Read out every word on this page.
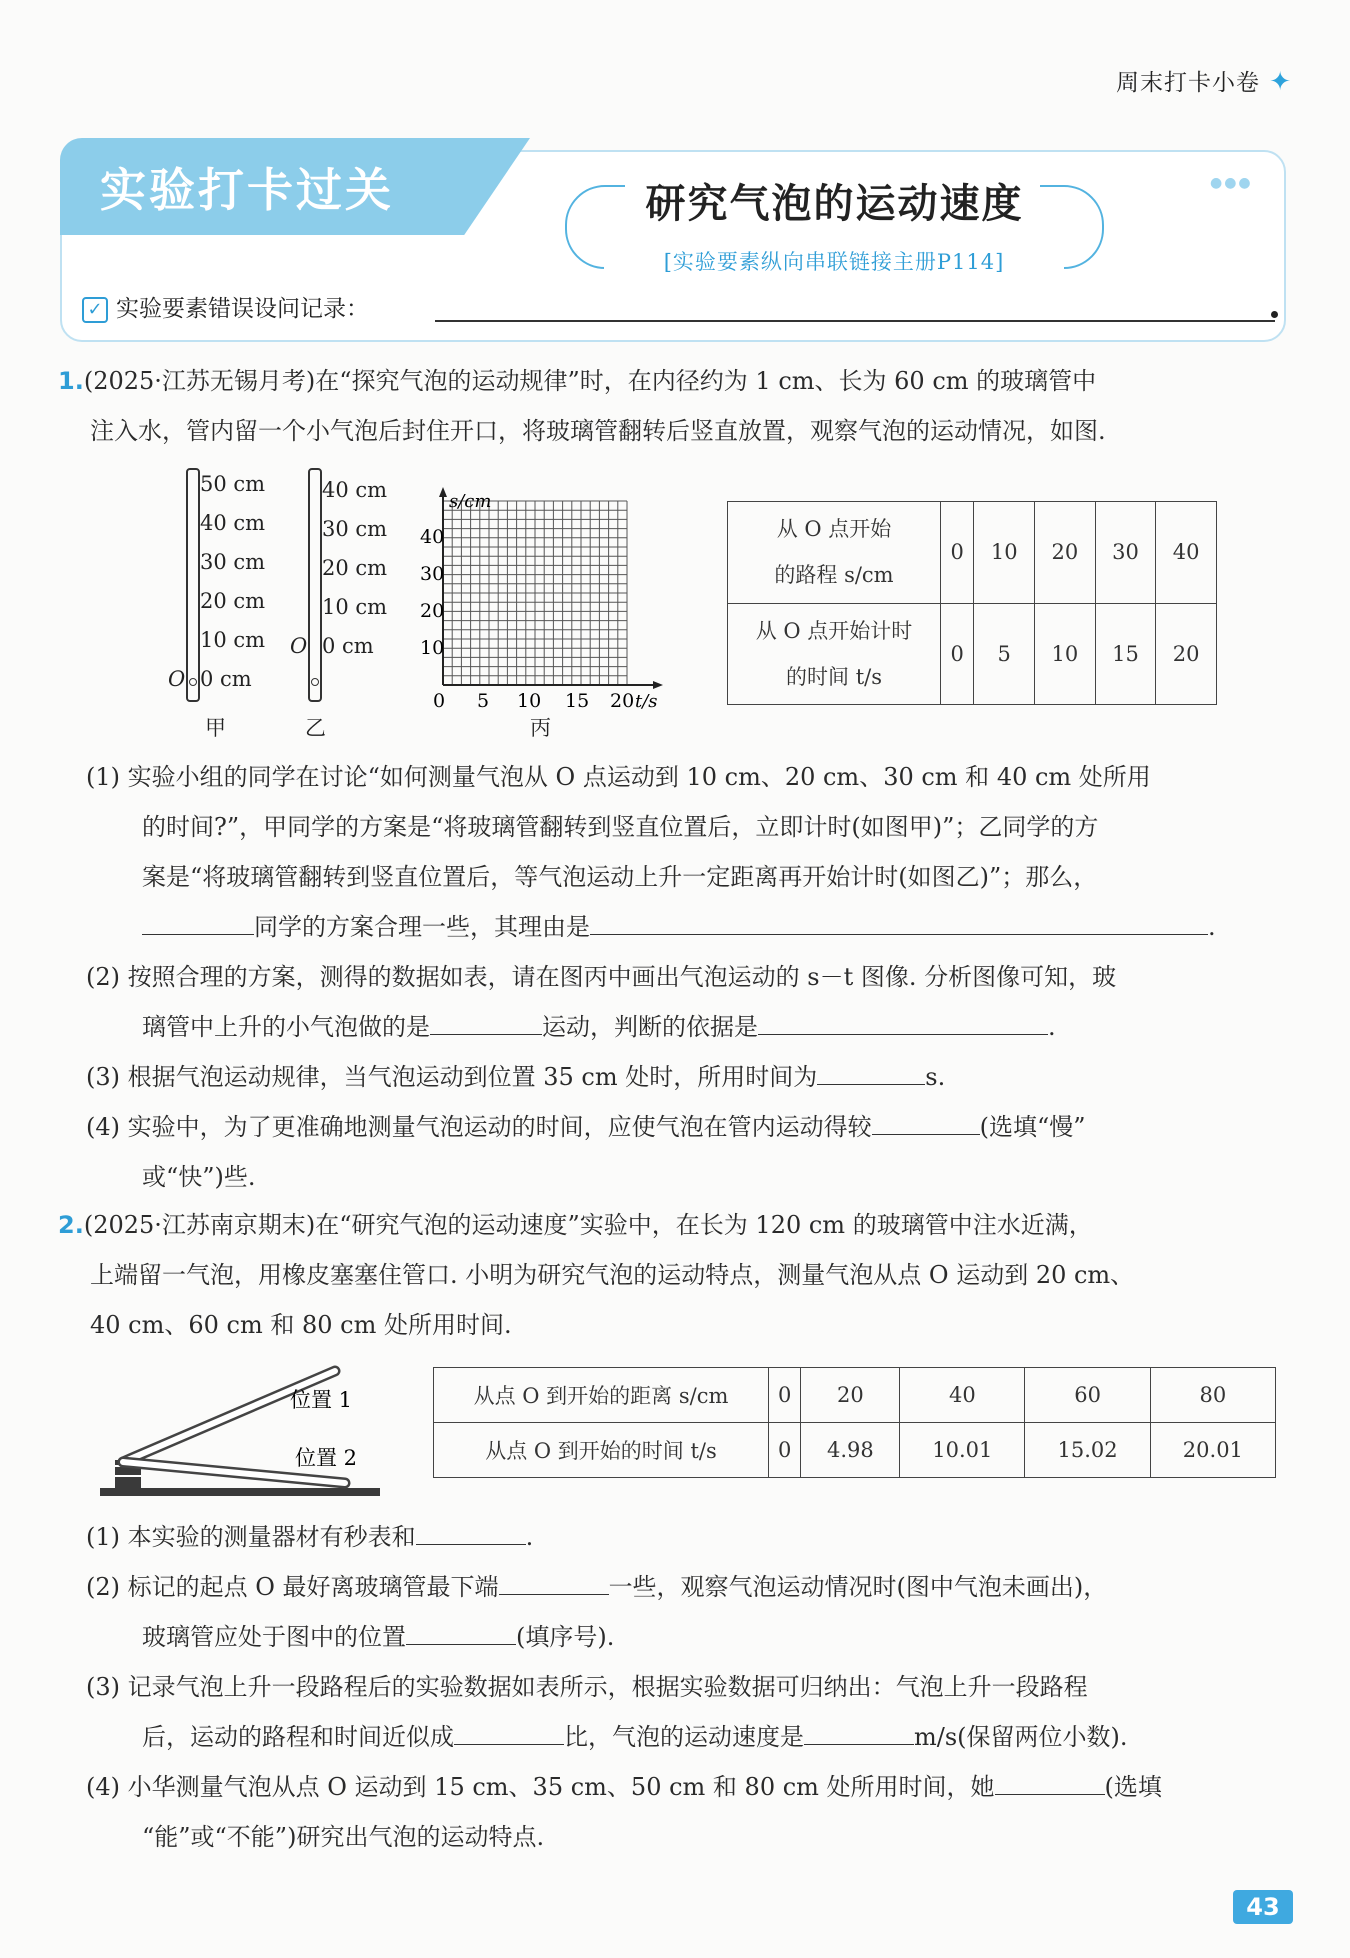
周末打卡小卷 ✦
实验打卡过关	●●●
研究气泡的运动速度
[实验要素纵向串联链接主册P114]
✓ 实验要素错误设问记录：
1.(2025·江苏无锡月考)在“探究气泡的运动规律”时，在内径约为 1 cm、长为 60 cm 的玻璃管中
注入水，管内留一个小气泡后封住开口，将玻璃管翻转后竖直放置，观察气泡的运动情况，如图.
50 cm
40 cm
30 cm
20 cm
10 cm
0 cm
O
甲
40 cm
30 cm
20 cm
10 cm
0 cm
O
乙
s/cm
40
30
20
10
0 5 10 15 20 t/s
丙
从 O 点开始
的路程 s/cm	0	10	20	30	40
从 O 点开始计时
的时间 t/s	0	5	10	15	20
(1) 实验小组的同学在讨论“如何测量气泡从 O 点运动到 10 cm、20 cm、30 cm 和 40 cm 处所用
的时间?”，甲同学的方案是“将玻璃管翻转到竖直位置后，立即计时(如图甲)”；乙同学的方
案是“将玻璃管翻转到竖直位置后，等气泡运动上升一定距离再开始计时(如图乙)”；那么，
同学的方案合理一些，其理由是	.
(2) 按照合理的方案，测得的数据如表，请在图丙中画出气泡运动的 s－t 图像. 分析图像可知，玻
璃管中上升的小气泡做的是	运动，判断的依据是	.
(3) 根据气泡运动规律，当气泡运动到位置 35 cm 处时，所用时间为	s.
(4) 实验中，为了更准确地测量气泡运动的时间，应使气泡在管内运动得较	(选填“慢”
或“快”)些.
2.(2025·江苏南京期末)在“研究气泡的运动速度”实验中，在长为 120 cm 的玻璃管中注水近满，
上端留一气泡，用橡皮塞塞住管口. 小明为研究气泡的运动特点，测量气泡从点 O 运动到 20 cm、
40 cm、60 cm 和 80 cm 处所用时间.
位置 1
位置 2
从点 O 到开始的距离 s/cm	0	20	40	60	80
从点 O 到开始的时间 t/s	0	4.98	10.01	15.02	20.01
(1) 本实验的测量器材有秒表和	.
(2) 标记的起点 O 最好离玻璃管最下端	一些，观察气泡运动情况时(图中气泡未画出)，
玻璃管应处于图中的位置	(填序号).
(3) 记录气泡上升一段路程后的实验数据如表所示，根据实验数据可归纳出：气泡上升一段路程
后，运动的路程和时间近似成	比，气泡的运动速度是	m/s(保留两位小数).
(4) 小华测量气泡从点 O 运动到 15 cm、35 cm、50 cm 和 80 cm 处所用时间，她	(选填
“能”或“不能”)研究出气泡的运动特点.
43
